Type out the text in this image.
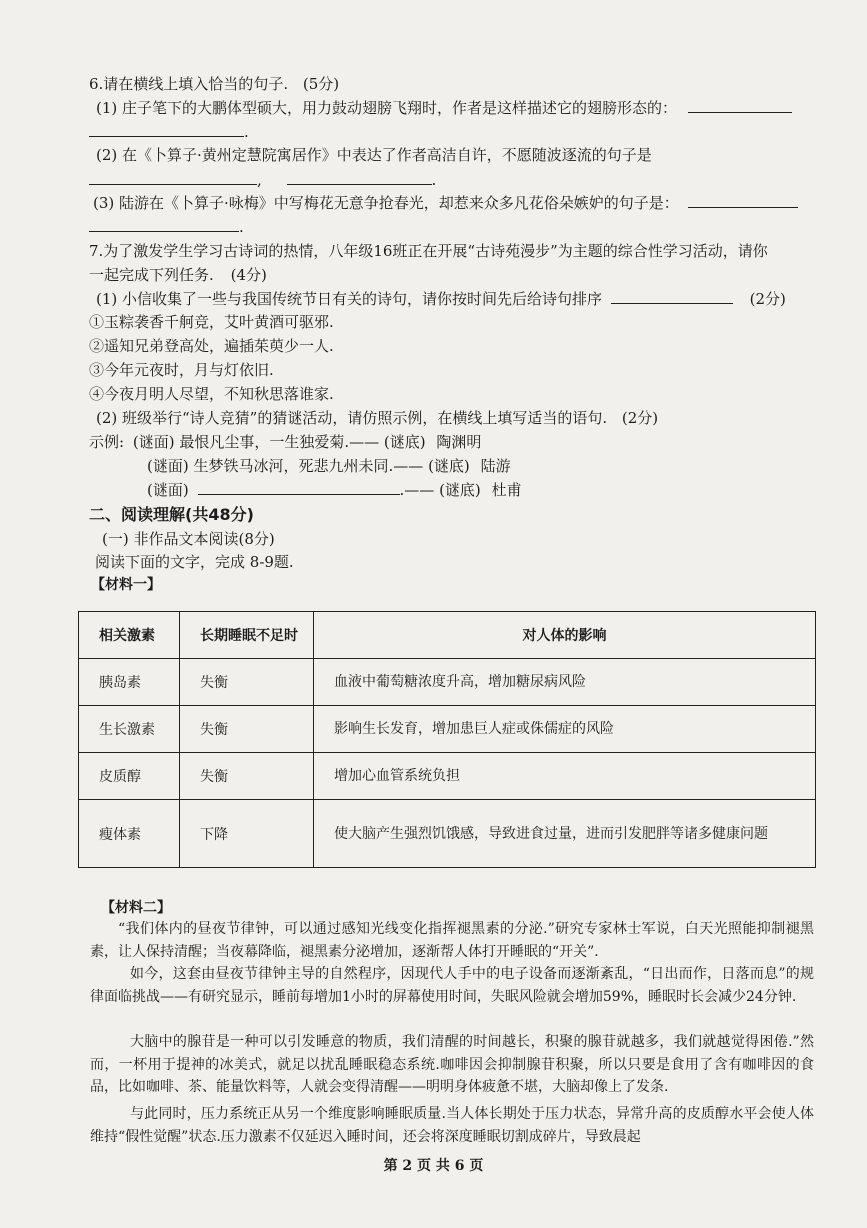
6.请在横线上填入恰当的句子. (5分)
(1) 庄子笔下的大鹏体型硕大，用力鼓动翅膀飞翔时，作者是这样描述它的翅膀形态的：
.
(2) 在《卜算子·黄州定慧院寓居作》中表达了作者高洁自许，不愿随波逐流的句子是
,	.
(3) 陆游在《卜算子·咏梅》中写梅花无意争抢春光，却惹来众多凡花俗朵嫉妒的句子是：
.
7.为了激发学生学习古诗词的热情，八年级16班正在开展“古诗苑漫步”为主题的综合性学习活动，请你
一起完成下列任务. (4分)
(1) 小信收集了一些与我国传统节日有关的诗句，请你按时间先后给诗句排序	(2分)
①玉粽袭香千舸竞，艾叶黄酒可驱邪.
②遥知兄弟登高处，遍插茱萸少一人.
③今年元夜时，月与灯依旧.
④今夜月明人尽望，不知秋思落谁家.
(2) 班级举行“诗人竞猜”的猜谜活动，请仿照示例，在横线上填写适当的语句. (2分)
示例: (谜面) 最恨凡尘事，一生独爱菊.—— (谜底) 陶渊明
(谜面) 生梦铁马冰河，死悲九州未同.—— (谜底) 陆游
(谜面)	.—— (谜底) 杜甫
二、阅读理解(共48分)
(一) 非作品文本阅读(8分)
阅读下面的文字，完成 8-9题.
【材料一】
相关激素	长期睡眠不足时	对人体的影响
胰岛素	失衡	血液中葡萄糖浓度升高，增加糖尿病风险
生长激素	失衡	影响生长发育，增加患巨人症或侏儒症的风险
皮质醇	失衡	增加心血管系统负担
瘦体素	下降	使大脑产生强烈饥饿感，导致进食过量，进而引发肥胖等诸多健康问题
【材料二】
“我们体内的昼夜节律钟，可以通过感知光线变化指挥褪黑素的分泌.”研究专家林士军说，白天光照能抑制褪黑素，让人保持清醒；当夜幕降临，褪黑素分泌增加，逐渐帮人体打开睡眠的“开关”.
如今，这套由昼夜节律钟主导的自然程序，因现代人手中的电子设备而逐渐紊乱，“日出而作，日落而息”的规律面临挑战——有研究显示，睡前每增加1小时的屏幕使用时间，失眠风险就会增加59%，睡眠时长会减少24分钟.
大脑中的腺苷是一种可以引发睡意的物质，我们清醒的时间越长，积聚的腺苷就越多，我们就越觉得困倦.”然而，一杯用于提神的冰美式，就足以扰乱睡眠稳态系统.咖啡因会抑制腺苷积聚，所以只要是食用了含有咖啡因的食品，比如咖啡、茶、能量饮料等，人就会变得清醒——明明身体疲惫不堪，大脑却像上了发条.
与此同时，压力系统正从另一个维度影响睡眠质量.当人体长期处于压力状态，异常升高的皮质醇水平会使人体维持“假性觉醒”状态.压力激素不仅延迟入睡时间，还会将深度睡眠切割成碎片，导致晨起
第 2 页 共 6 页
